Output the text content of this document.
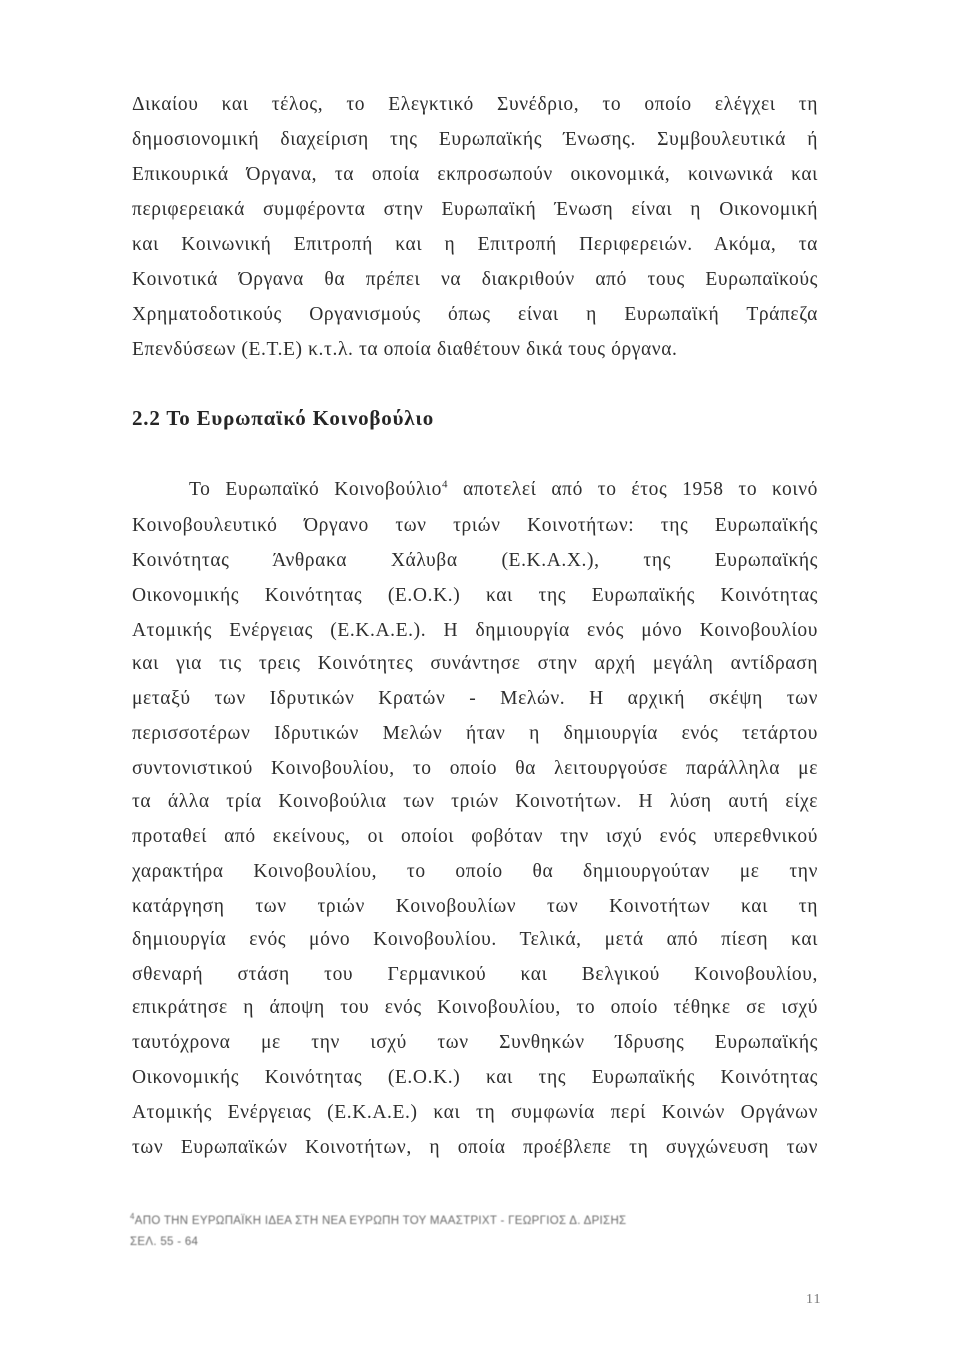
Δικαίου και τέλος, το Ελεγκτικό Συνέδριο, το οποίο ελέγχει τη
δημοσιονομική διαχείριση της Ευρωπαϊκής Ένωσης. Συμβουλευτικά ή
Επικουρικά Όργανα, τα οποία εκπροσωπούν οικονομικά, κοινωνικά και
περιφερειακά συμφέροντα στην Ευρωπαϊκή Ένωση είναι η Οικονομική
και Κοινωνική Επιτροπή και η Επιτροπή Περιφερειών. Ακόμα, τα
Κοινοτικά Όργανα θα πρέπει να διακριθούν από τους Ευρωπαϊκούς
Χρηματοδοτικούς Οργανισμούς όπως είναι η Ευρωπαϊκή Τράπεζα
Επενδύσεων (Ε.Τ.Ε) κ.τ.λ. τα οποία διαθέτουν δικά τους όργανα.
2.2 Το Ευρωπαϊκό Κοινοβούλιο
Το Ευρωπαϊκό Κοινοβούλιο$^4$ αποτελεί από το έτος 1958 το κοινό
Κοινοβουλευτικό Όργανο των τριών Κοινοτήτων: της Ευρωπαϊκής
Κοινότητας Άνθρακα Χάλυβα (Ε.Κ.Α.Χ.), της Ευρωπαϊκής
Οικονομικής Κοινότητας (Ε.Ο.Κ.) και της Ευρωπαϊκής Κοινότητας
Ατομικής Ενέργειας (Ε.Κ.Α.Ε.). Η δημιουργία ενός μόνο Κοινοβουλίου
και για τις τρεις Κοινότητες συνάντησε στην αρχή μεγάλη αντίδραση
μεταξύ των Ιδρυτικών Κρατών - Μελών. Η αρχική σκέψη των
περισσοτέρων Ιδρυτικών Μελών ήταν η δημιουργία ενός τετάρτου
συντονιστικού Κοινοβουλίου, το οποίο θα λειτουργούσε παράλληλα με
τα άλλα τρία Κοινοβούλια των τριών Κοινοτήτων. Η λύση αυτή είχε
προταθεί από εκείνους, οι οποίοι φοβόταν την ισχύ ενός υπερεθνικού
χαρακτήρα Κοινοβουλίου, το οποίο θα δημιουργούταν με την
κατάργηση των τριών Κοινοβουλίων των Κοινοτήτων και τη
δημιουργία ενός μόνο Κοινοβουλίου. Τελικά, μετά από πίεση και
σθεναρή στάση του Γερμανικού και Βελγικού Κοινοβουλίου,
επικράτησε η άποψη του ενός Κοινοβουλίου, το οποίο τέθηκε σε ισχύ
ταυτόχρονα με την ισχύ των Συνθηκών Ίδρυσης Ευρωπαϊκής
Οικονομικής Κοινότητας (Ε.Ο.Κ.) και της Ευρωπαϊκής Κοινότητας
Ατομικής Ενέργειας (Ε.Κ.Α.Ε.) και τη συμφωνία περί Κοινών Οργάνων
των Ευρωπαϊκών Κοινοτήτων, η οποία προέβλεπε τη συγχώνευση των
$^4$ΑΠΟ ΤΗΝ ΕΥΡΩΠΑΪΚΗ ΙΔΕΑ ΣΤΗ ΝΕΑ ΕΥΡΩΠΗ ΤΟΥ ΜΑΑΣΤΡΙΧΤ - ΓΕΩΡΓΙΟΣ Δ. ΔΡΙΣΗΣ
ΣΕΛ. 55 - 64
11
